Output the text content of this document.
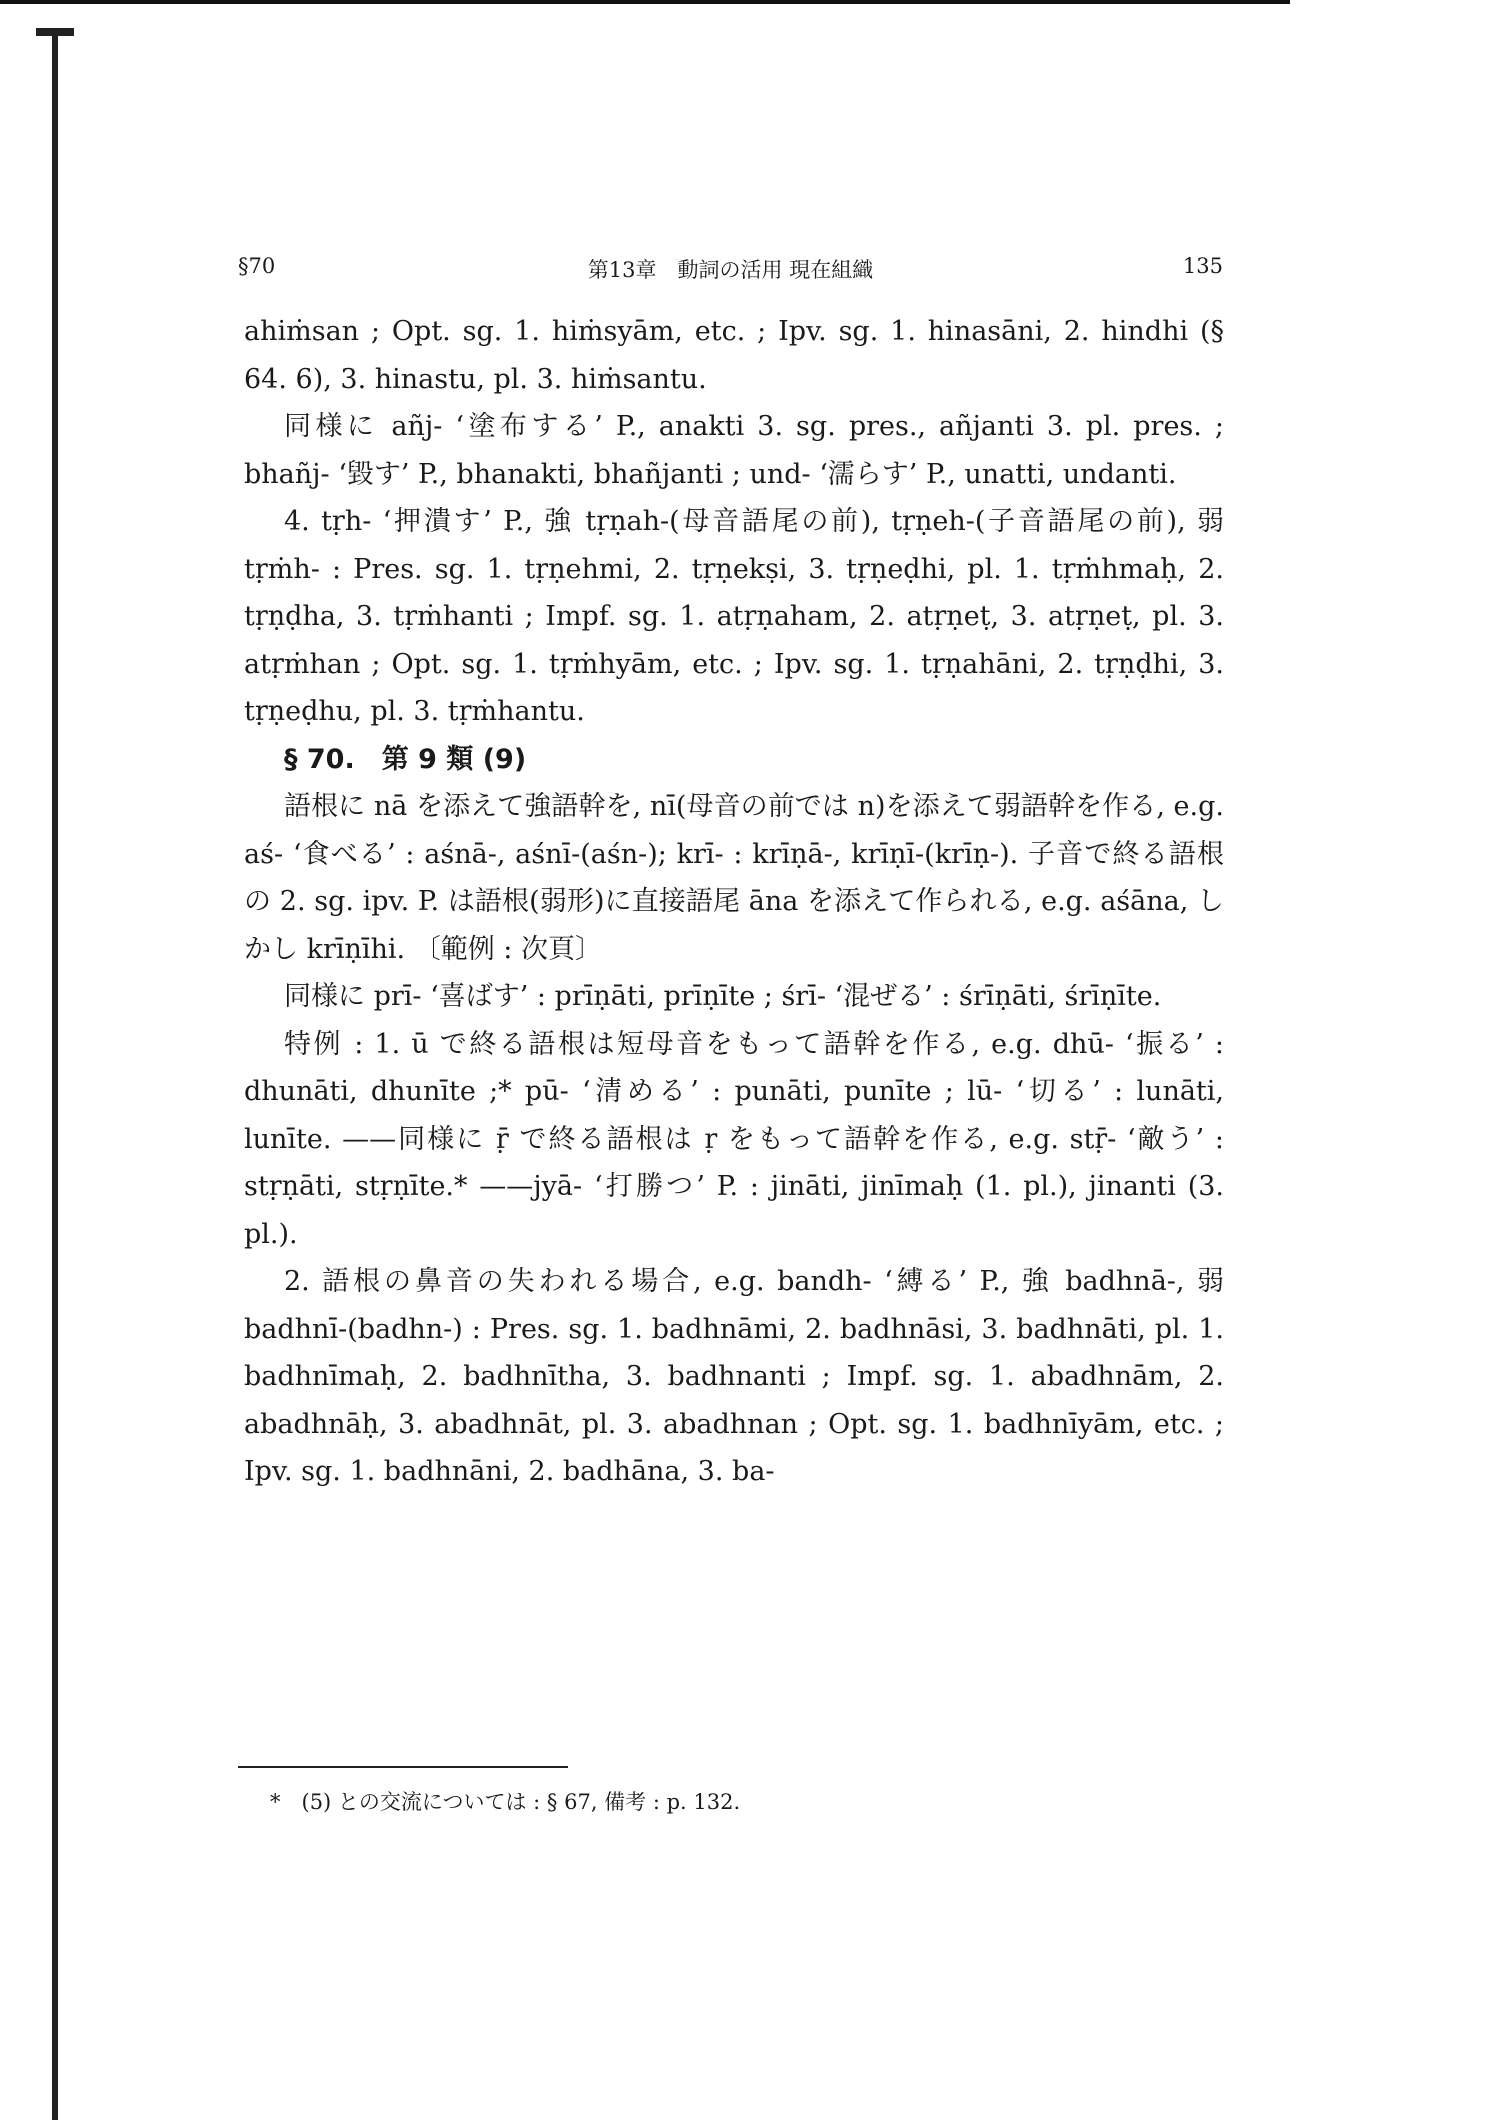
§70	第13章　動詞の活用 現在組織	135

ahiṁsan ; Opt. sg. 1. hiṁsyām, etc. ; Ipv. sg. 1. hinasāni, 2. hindhi (§ 64. 6), 3. hinastu, pl. 3. hiṁsantu.

同様に añj- ‘塗布する’ P., anakti 3. sg. pres., añjanti 3. pl. pres. ; bhañj- ‘毀す’ P., bhanakti, bhañjanti ; und- ‘濡らす’ P., unatti, undanti.

4. tṛh- ‘押潰す’ P., 強 tṛṇah-(母音語尾の前), tṛṇeh-(子音語尾の前), 弱 tṛṁh- : Pres. sg. 1. tṛṇehmi, 2. tṛṇekṣi, 3. tṛṇeḍhi, pl. 1. tṛṁhmaḥ, 2. tṛṇḍha, 3. tṛṁhanti ; Impf. sg. 1. atṛṇaham, 2. atṛṇeṭ, 3. atṛṇeṭ, pl. 3. atṛṁhan ; Opt. sg. 1. tṛṁhyām, etc. ; Ipv. sg. 1. tṛṇahāni, 2. tṛṇḍhi, 3. tṛṇeḍhu, pl. 3. tṛṁhantu.

§ 70.　第 9 類 (9)

語根に nā を添えて強語幹を, nī(母音の前では n)を添えて弱語幹を作る, e.g. aś- ‘食べる’ : aśnā-, aśnī-(aśn-); krī- : krīṇā-, krīṇī-(krīṇ-). 子音で終る語根の 2. sg. ipv. P. は語根(弱形)に直接語尾 āna を添えて作られる, e.g. aśāna, しかし krīṇīhi. 〔範例 : 次頁〕

同様に prī- ‘喜ばす’ : prīṇāti, prīṇīte ; śrī- ‘混ぜる’ : śrīṇāti, śrīṇīte.

特例 : 1. ū で終る語根は短母音をもって語幹を作る, e.g. dhū- ‘振る’ : dhunāti, dhunīte ;* pū- ‘清める’ : punāti, punīte ; lū- ‘切る’ : lunāti, lunīte. ——同様に ṝ で終る語根は ṛ をもって語幹を作る, e.g. stṝ- ‘敵う’ : stṛṇāti, stṛṇīte.* ——jyā- ‘打勝つ’ P. : jināti, jinīmaḥ (1. pl.), jinanti (3. pl.).

2. 語根の鼻音の失われる場合, e.g. bandh- ‘縛る’ P., 強 badhnā-, 弱 badhnī-(badhn-) : Pres. sg. 1. badhnāmi, 2. badhnāsi, 3. badhnāti, pl. 1. badhnīmaḥ, 2. badhnītha, 3. badhnanti ; Impf. sg. 1. abadhnām, 2. abadhnāḥ, 3. abadhnāt, pl. 3. abadhnan ; Opt. sg. 1. badhnīyām, etc. ; Ipv. sg. 1. badhnāni, 2. badhāna, 3. ba-

*　(5) との交流については : § 67, 備考 : p. 132.
